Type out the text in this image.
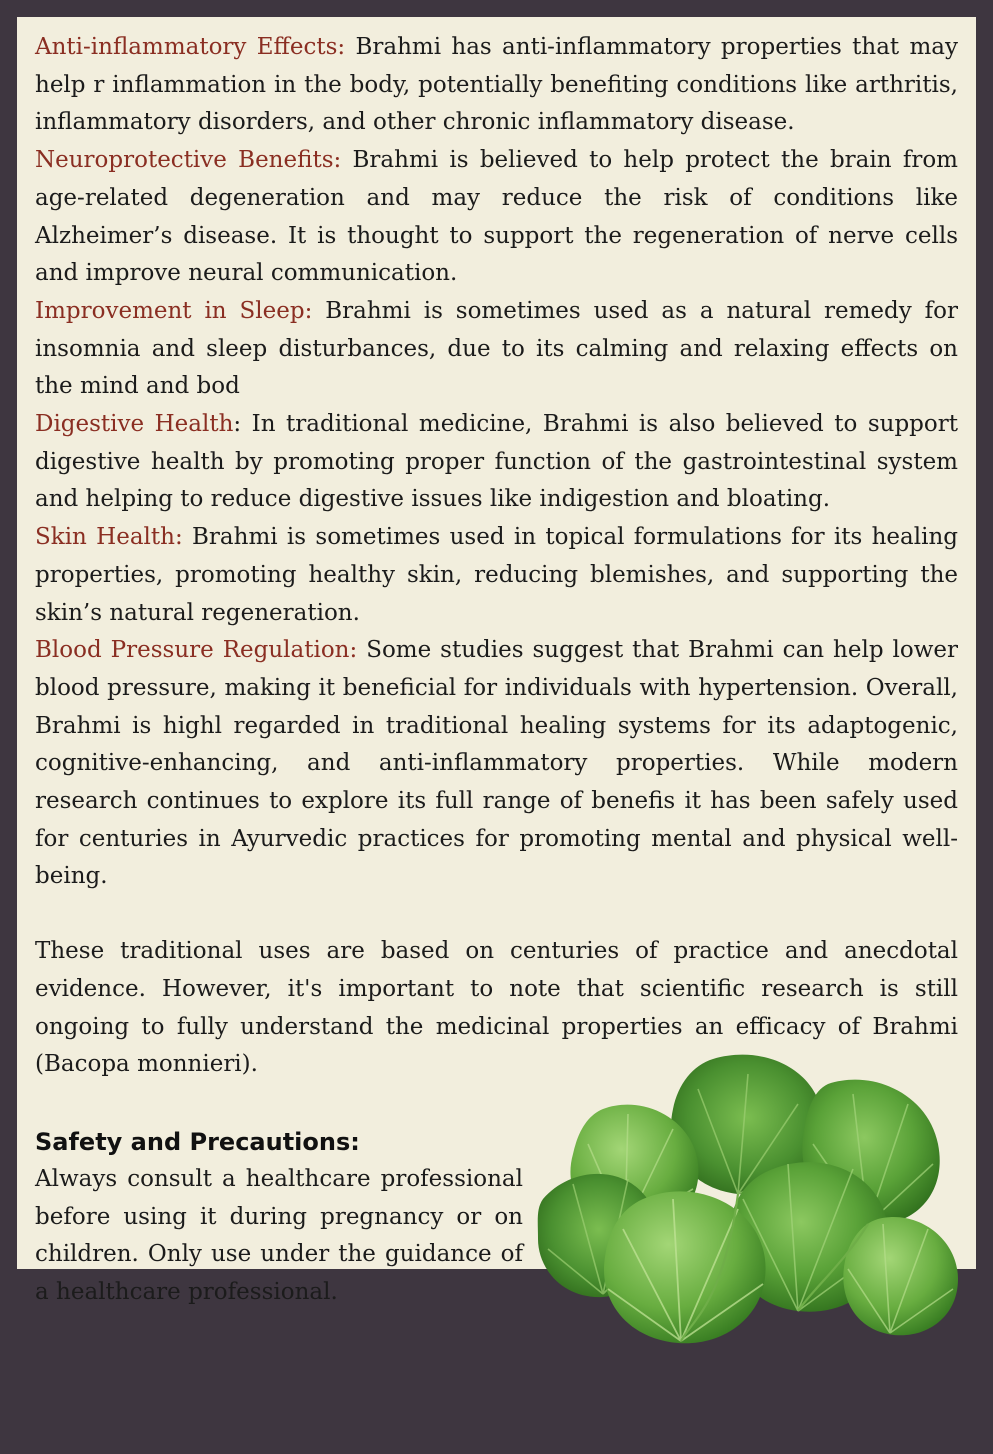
Anti-inflammatory Effects: Brahmi has anti-inflammatory properties that may help r inflammation in the body, potentially benefiting conditions like arthritis, inflammatory disorders, and other chronic inflammatory disease.

Neuroprotective Benefits: Brahmi is believed to help protect the brain from age-related degeneration and may reduce the risk of conditions like Alzheimer’s disease. It is thought to support the regeneration of nerve cells and improve neural communication.

Improvement in Sleep: Brahmi is sometimes used as a natural remedy for insomnia and sleep disturbances, due to its calming and relaxing effects on the mind and bod

Digestive Health: In traditional medicine, Brahmi is also believed to support digestive health by promoting proper function of the gastrointestinal system and helping to reduce digestive issues like indigestion and bloating.

Skin Health: Brahmi is sometimes used in topical formulations for its healing properties, promoting healthy skin, reducing blemishes, and supporting the skin’s natural regeneration.

Blood Pressure Regulation: Some studies suggest that Brahmi can help lower blood pressure, making it beneficial for individuals with hypertension. Overall, Brahmi is highl regarded in traditional healing systems for its adaptogenic, cognitive-enhancing, and anti-inflammatory properties. While modern research continues to explore its full range of benefis it has been safely used for centuries in Ayurvedic practices for promoting mental and physical well-being.

These traditional uses are based on centuries of practice and anecdotal evidence. However, it's important to note that scientific research is still ongoing to fully understand the medicinal properties an efficacy of Brahmi (Bacopa monnieri).

Safety and Precautions:

Always consult a healthcare professional before using it during pregnancy or on children. Only use under the guidance of a healthcare professional.
